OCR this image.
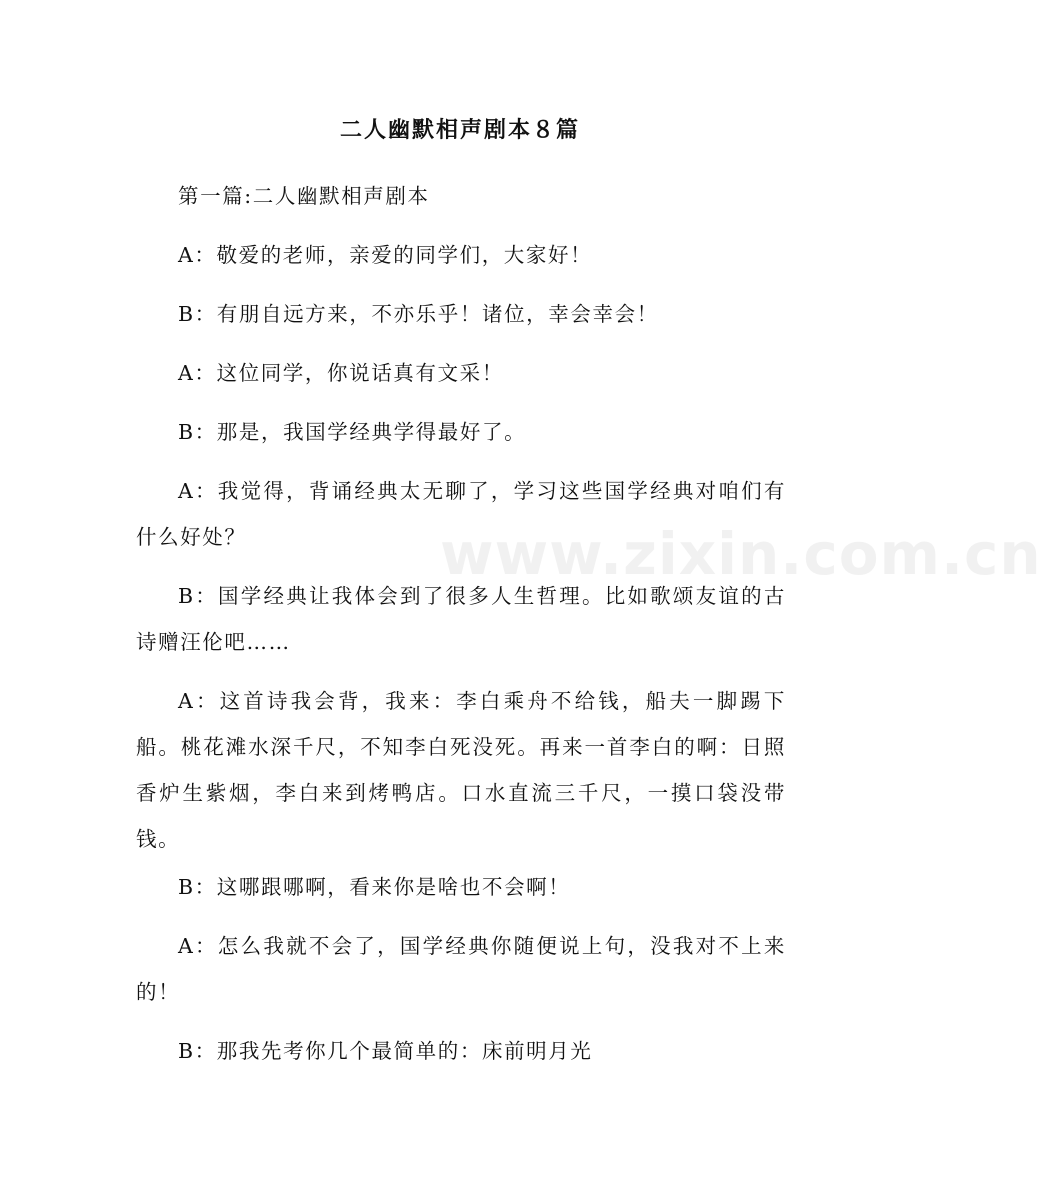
www.zixin.com.cn
二人幽默相声剧本８篇

第一篇:二人幽默相声剧本

A：敬爱的老师，亲爱的同学们，大家好！

B：有朋自远方来，不亦乐乎！诸位，幸会幸会！

A：这位同学，你说话真有文采！

B：那是，我国学经典学得最好了。

A：我觉得，背诵经典太无聊了，学习这些国学经典对咱们有什么好处？

B：国学经典让我体会到了很多人生哲理。比如歌颂友谊的古诗赠汪伦吧……

A：这首诗我会背，我来：李白乘舟不给钱，船夫一脚踢下船。桃花滩水深千尺，不知李白死没死。再来一首李白的啊：日照香炉生紫烟，李白来到烤鸭店。口水直流三千尺，一摸口袋没带钱。

B：这哪跟哪啊，看来你是啥也不会啊！

A：怎么我就不会了，国学经典你随便说上句，没我对不上来的！

B：那我先考你几个最简单的：床前明月光
